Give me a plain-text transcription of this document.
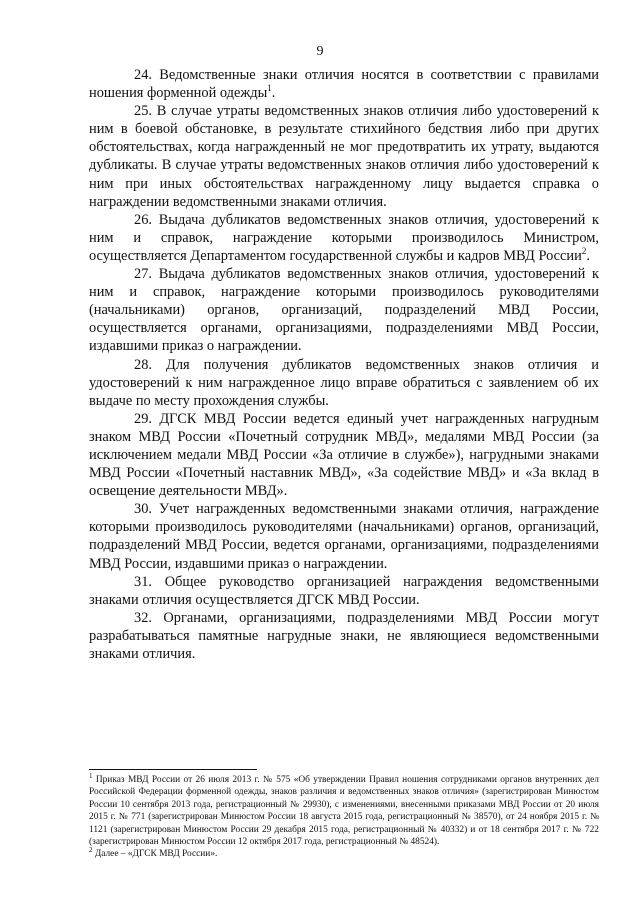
9

24. Ведомственные знаки отличия носятся в соответствии с правилами ношения форменной одежды$^1$.

25. В случае утраты ведомственных знаков отличия либо удостоверений к ним в боевой обстановке, в результате стихийного бедствия либо при других обстоятельствах, когда награжденный не мог предотвратить их утрату, выдаются дубликаты. В случае утраты ведомственных знаков отличия либо удостоверений к ним при иных обстоятельствах награжденному лицу выдается справка о награждении ведомственными знаками отличия.

26. Выдача дубликатов ведомственных знаков отличия, удостоверений к ним и справок, награждение которыми производилось Министром, осуществляется Департаментом государственной службы и кадров МВД России$^2$.

27. Выдача дубликатов ведомственных знаков отличия, удостоверений к ним и справок, награждение которыми производилось руководителями (начальниками) органов, организаций, подразделений МВД России, осуществляется органами, организациями, подразделениями МВД России, издавшими приказ о награждении.

28. Для получения дубликатов ведомственных знаков отличия и удостоверений к ним награжденное лицо вправе обратиться с заявлением об их выдаче по месту прохождения службы.

29. ДГСК МВД России ведется единый учет награжденных нагрудным знаком МВД России «Почетный сотрудник МВД», медалями МВД России (за исключением медали МВД России «За отличие в службе»), нагрудными знаками МВД России «Почетный наставник МВД», «За содействие МВД» и «За вклад в освещение деятельности МВД».

30. Учет награжденных ведомственными знаками отличия, награждение которыми производилось руководителями (начальниками) органов, организаций, подразделений МВД России, ведется органами, организациями, подразделениями МВД России, издавшими приказ о награждении.

31. Общее руководство организацией награждения ведомственными знаками отличия осуществляется ДГСК МВД России.

32. Органами, организациями, подразделениями МВД России могут разрабатываться памятные нагрудные знаки, не являющиеся ведомственными знаками отличия.

$^1$ Приказ МВД России от 26 июля 2013 г. № 575 «Об утверждении Правил ношения сотрудниками органов внутренних дел Российской Федерации форменной одежды, знаков различия и ведомственных знаков отличия» (зарегистрирован Минюстом России 10 сентября 2013 года, регистрационный № 29930), с изменениями, внесенными приказами МВД России от 20 июля 2015 г. № 771 (зарегистрирован Минюстом России 18 августа 2015 года, регистрационный № 38570), от 24 ноября 2015 г. № 1121 (зарегистрирован Минюстом России 29 декабря 2015 года, регистрационный № 40332) и от 18 сентября 2017 г. № 722 (зарегистрирован Минюстом России 12 октября 2017 года, регистрационный № 48524).

$^2$ Далее – «ДГСК МВД России».
